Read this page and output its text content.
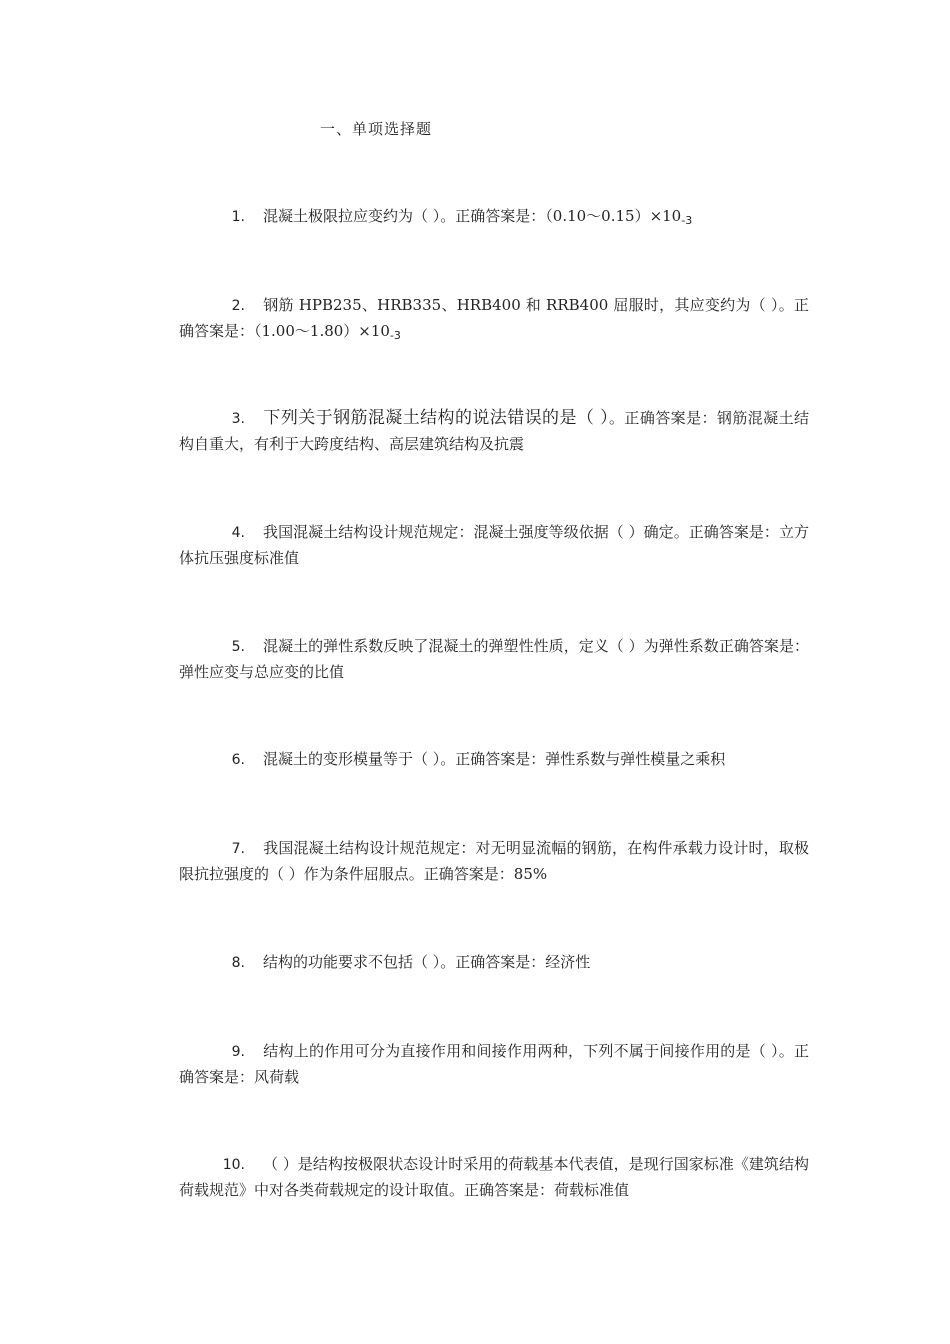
一、单项选择题
1. 混凝土极限拉应变约为（ ）。正确答案是：$(0.10\sim 0.15)\times 10_{-3}$
2. 钢筋 HPB235、HRB335、HRB400 和 RRB400 屈服时，其应变约为（ ）。正确答案是：$(1.00\sim 1.80)\times 10_{-3}$
3. 下列关于钢筋混凝土结构的说法错误的是（ ）。正确答案是：钢筋混凝土结构自重大，有利于大跨度结构、高层建筑结构及抗震
4. 我国混凝土结构设计规范规定：混凝土强度等级依据（ ）确定。正确答案是：立方体抗压强度标准值
5. 混凝土的弹性系数反映了混凝土的弹塑性性质，定义（ ）为弹性系数正确答案是：弹性应变与总应变的比值
6. 混凝土的变形模量等于（ ）。正确答案是：弹性系数与弹性模量之乘积
7. 我国混凝土结构设计规范规定：对无明显流幅的钢筋，在构件承载力设计时，取极限抗拉强度的（ ）作为条件屈服点。正确答案是：85%
8. 结构的功能要求不包括（ ）。正确答案是：经济性
9. 结构上的作用可分为直接作用和间接作用两种，下列不属于间接作用的是（ ）。正确答案是：风荷载
10. （ ）是结构按极限状态设计时采用的荷载基本代表值，是现行国家标准《建筑结构荷载规范》中对各类荷载规定的设计取值。正确答案是：荷载标准值
